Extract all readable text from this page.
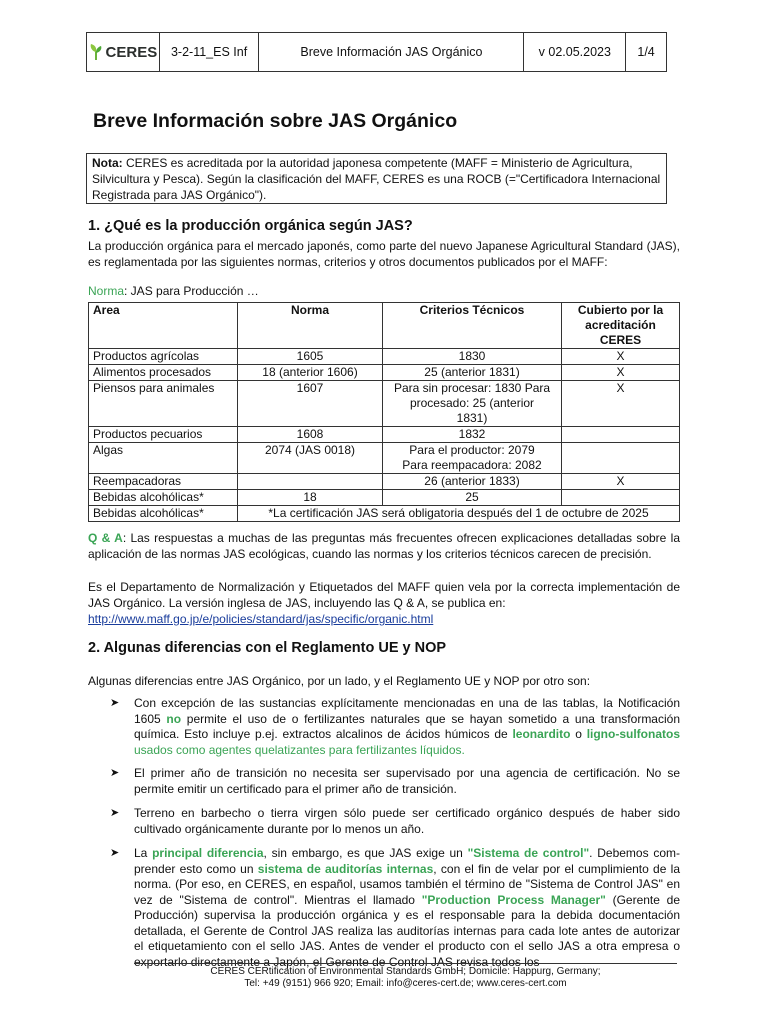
CERES	3-2-11_ES Inf	Breve Información JAS Orgánico	v 02.05.2023	1/4
Breve Información sobre JAS Orgánico
Nota: CERES es acreditada por la autoridad japonesa competente (MAFF = Ministerio de Agricultura, Silvicultura y Pesca). Según la clasificación del MAFF, CERES es una ROCB (="Certificadora Internacional Registrada para JAS Orgánico").
1. ¿Qué es la producción orgánica según JAS?
La producción orgánica para el mercado japonés, como parte del nuevo Japanese Agricultural Standard (JAS), es reglamentada por las siguientes normas, criterios y otros documentos publicados por el MAFF:
Norma: JAS para Producción …
Area	Norma	Criterios Técnicos	Cubierto por la acreditación CERES
Productos agrícolas	1605	1830	X
Alimentos procesados	18 (anterior 1606)	25 (anterior 1831)	X
Piensos para animales	1607	Para sin procesar: 1830 Para procesado: 25 (anterior 1831)	X
Productos pecuarios	1608	1832	
Algas	2074 (JAS 0018)	Para el productor: 2079 Para reempacadora: 2082	
Reempacadoras		26 (anterior 1833)	X
Bebidas alcohólicas*	18	25	
Bebidas alcohólicas*	*La certificación JAS será obligatoria después del 1 de octubre de 2025		
Q & A: Las respuestas a muchas de las preguntas más frecuentes ofrecen explicaciones detalladas sobre la aplicación de las normas JAS ecológicas, cuando las normas y los criterios técnicos carecen de precisión.
Es el Departamento de Normalización y Etiquetados del MAFF quien vela por la correcta implementación de JAS Orgánico. La versión inglesa de JAS, incluyendo las Q & A, se publica en:
http://www.maff.go.jp/e/policies/standard/jas/specific/organic.html
2. Algunas diferencias con el Reglamento UE y NOP
Algunas diferencias entre JAS Orgánico, por un lado, y el Reglamento UE y NOP por otro son:

➤ Con excepción de las sustancias explícitamente mencionadas en una de las tablas, la Notificación 1605 no permite el uso de o fertilizantes naturales que se hayan sometido a una transformación química. Esto incluye p.ej. extractos alcalinos de ácidos húmicos de leonardito o ligno-sulfonatos usados como agentes quelatizantes para fertilizantes líquidos.

➤ El primer año de transición no necesita ser supervisado por una agencia de certificación. No se permite emitir un certificado para el primer año de transición.

➤ Terreno en barbecho o tierra virgen sólo puede ser certificado orgánico después de haber sido cultivado orgánicamente durante por lo menos un año.

➤ La principal diferencia, sin embargo, es que JAS exige un "Sistema de control". Debemos com-prender esto como un sistema de auditorías internas, con el fin de velar por el cumplimiento de la norma. (Por eso, en CERES, en español, usamos también el término de "Sistema de Control JAS" en vez de "Sistema de control". Mientras el llamado "Production Process Manager" (Gerente de Producción) supervisa la producción orgánica y es el responsable para la debida documentación detallada, el Gerente de Control JAS realiza las auditorías internas para cada lote antes de autorizar el etiquetamiento con el sello JAS. Antes de vender el producto con el sello JAS a otra empresa o exportarlo directamente a Japón, el Gerente de Control JAS revisa todos los

CERES CERtification of Environmental Standards GmbH; Domicile: Happurg, Germany;
Tel: +49 (9151) 966 920; Email: info@ceres-cert.de; www.ceres-cert.com
